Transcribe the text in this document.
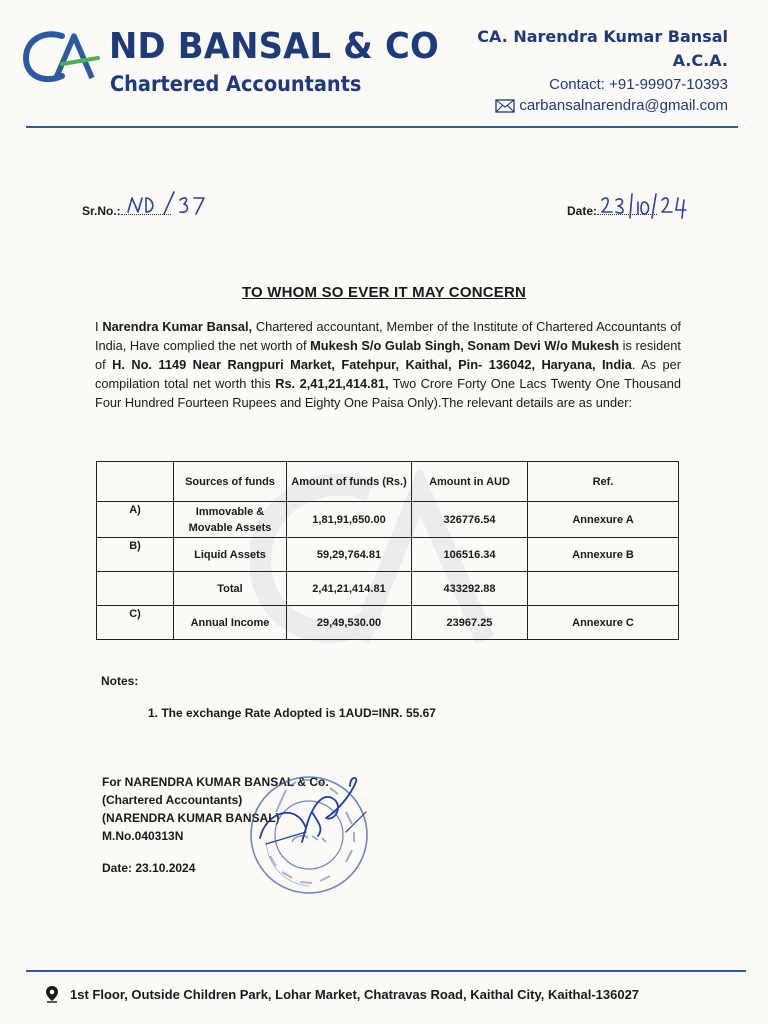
ND BANSAL & CO
Chartered Accountants
CA. Narendra Kumar Bansal
A.C.A.
Contact: +91-99907-10393
carbansalnarendra@gmail.com
Sr.No.:	Date:
TO WHOM SO EVER IT MAY CONCERN
I Narendra Kumar Bansal, Chartered accountant, Member of the Institute of Chartered Accountants of India, Have complied the net worth of Mukesh S/o Gulab Singh, Sonam Devi W/o Mukesh is resident of H. No. 1149 Near Rangpuri Market, Fatehpur, Kaithal, Pin- 136042, Haryana, India. As per compilation total net worth this Rs. 2,41,21,414.81, Two Crore Forty One Lacs Twenty One Thousand Four Hundred Fourteen Rupees and Eighty One Paisa Only).The relevant details are as under:
	Sources of funds	Amount of funds (Rs.)	Amount in AUD	Ref.
A)	Immovable & Movable Assets	1,81,91,650.00	326776.54	Annexure A
B)	Liquid Assets	59,29,764.81	106516.34	Annexure B
	Total	2,41,21,414.81	433292.88	
C)	Annual Income	29,49,530.00	23967.25	Annexure C
Notes:
1. The exchange Rate Adopted is 1AUD=INR. 55.67
For NARENDRA KUMAR BANSAL & Co.
(Chartered Accountants)
(NARENDRA KUMAR BANSAL)
M.No.040313N
Date: 23.10.2024
1st Floor, Outside Children Park, Lohar Market, Chatravas Road, Kaithal City, Kaithal-136027
